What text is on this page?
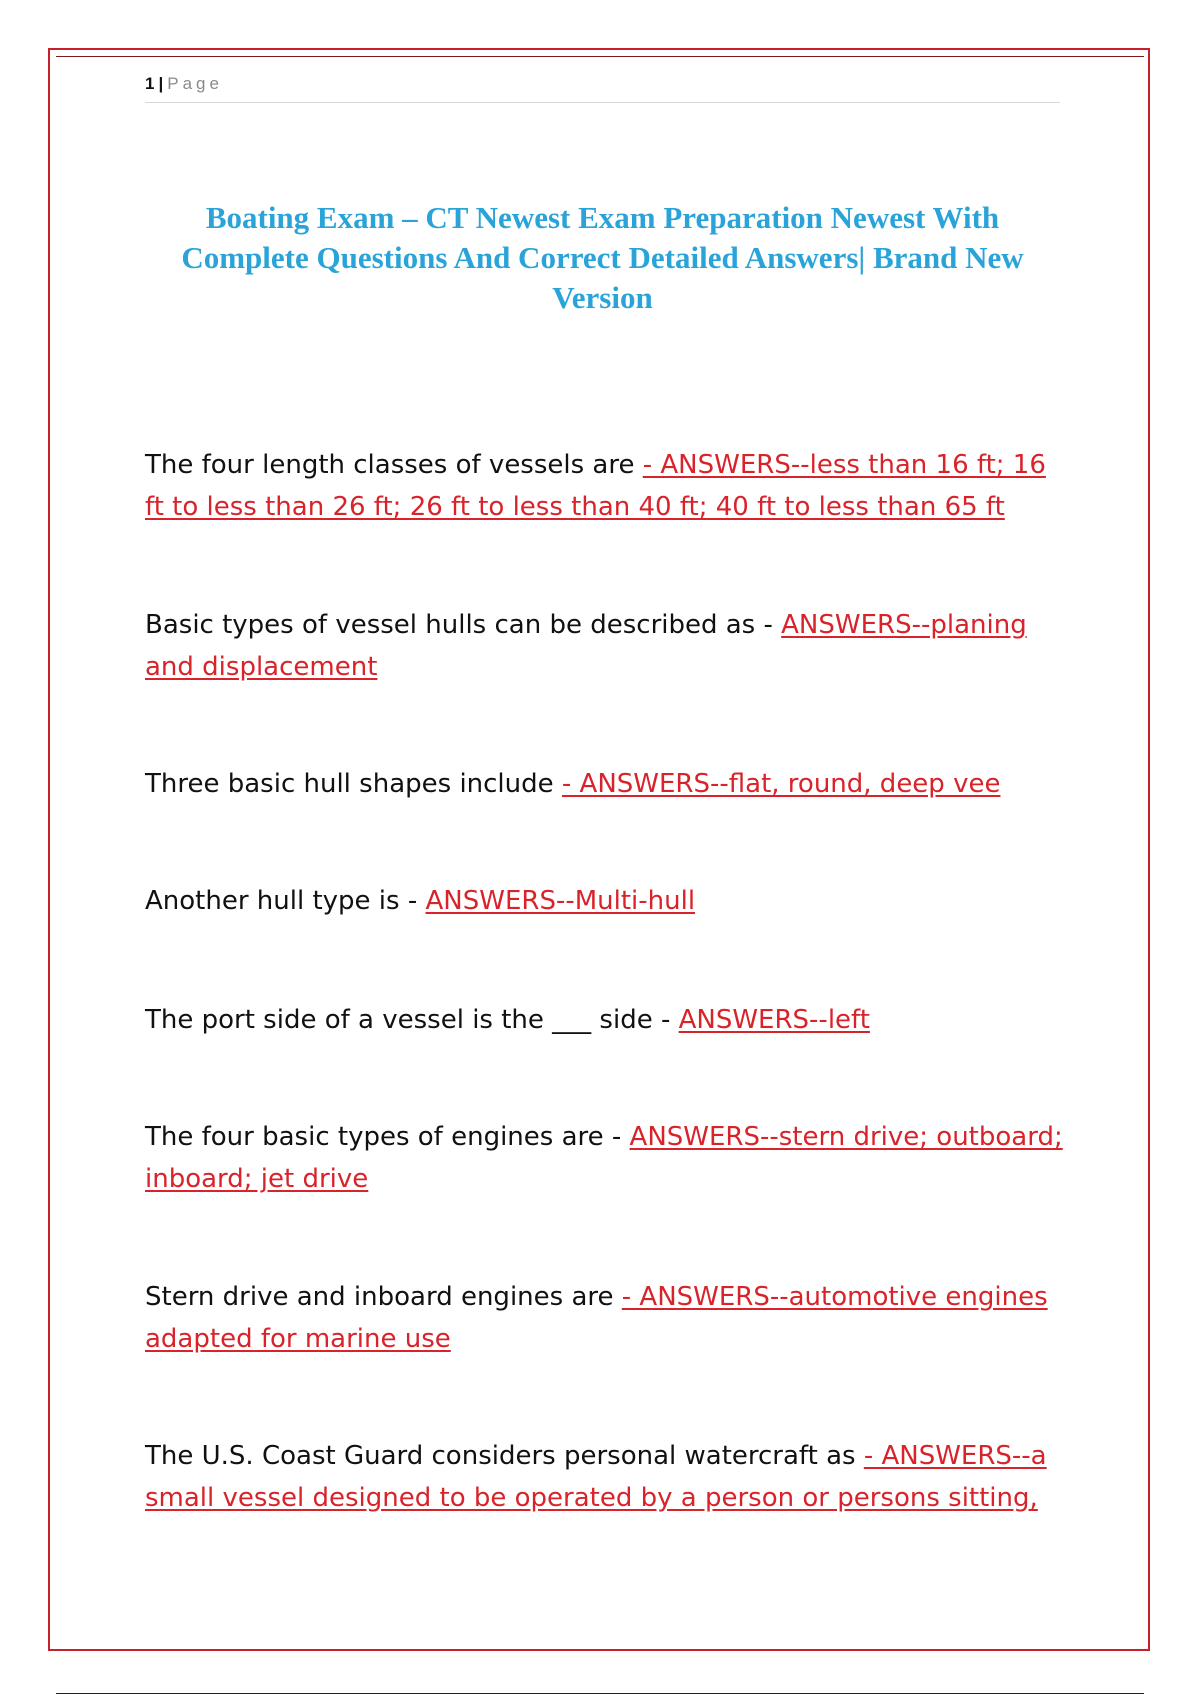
1 | Page
Boating Exam – CT Newest Exam Preparation Newest With Complete Questions And Correct Detailed Answers| Brand New Version
The four length classes of vessels are - ANSWERS--less than 16 ft; 16 ft to less than 26 ft; 26 ft to less than 40 ft; 40 ft to less than 65 ft
Basic types of vessel hulls can be described as - ANSWERS--planing and displacement
Three basic hull shapes include - ANSWERS--flat, round, deep vee
Another hull type is - ANSWERS--Multi-hull
The port side of a vessel is the ___ side - ANSWERS--left
The four basic types of engines are - ANSWERS--stern drive; outboard; inboard; jet drive
Stern drive and inboard engines are - ANSWERS--automotive engines adapted for marine use
The U.S. Coast Guard considers personal watercraft as - ANSWERS--a small vessel designed to be operated by a person or persons sitting,
